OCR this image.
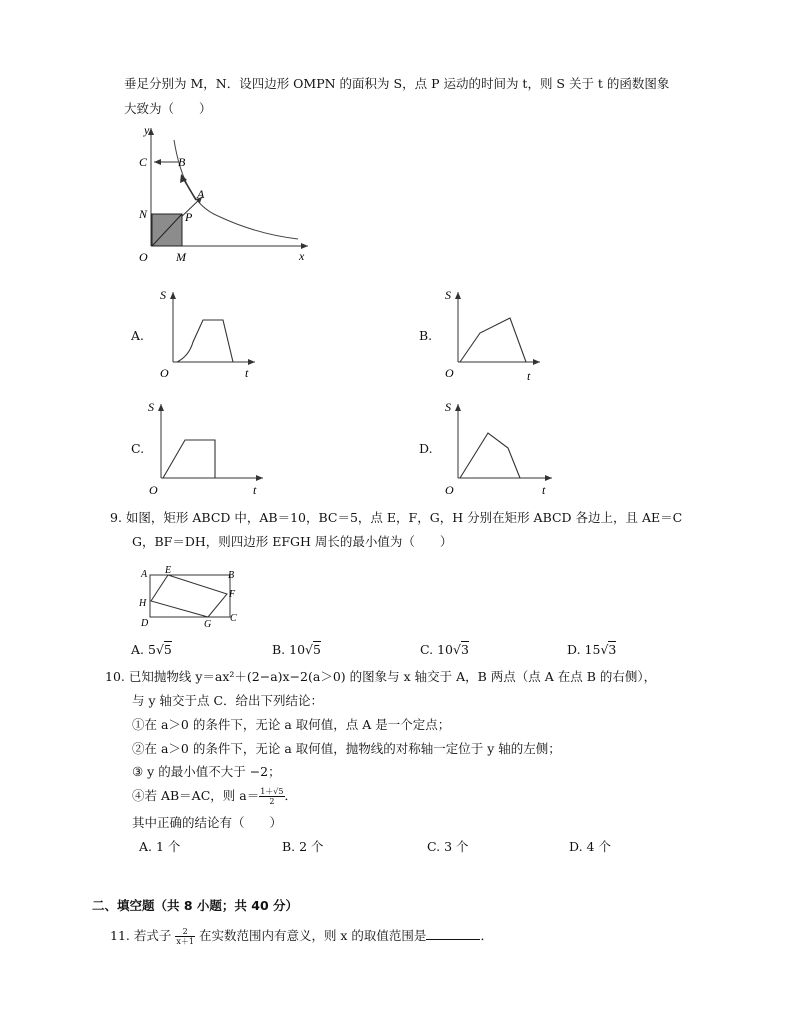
垂足分别为 M，N．设四边形 OMPN 的面积为 S，点 P 运动的时间为 t，则 S 关于 t 的函数图象
大致为（　　）
y
C	B
A
N	P
O M	x
A.
S
O	t
B.
S
O	t
C.
S
O	t
D.
S
O	t
9. 如图，矩形 ABCD 中，AB＝10，BC＝5，点 E，F，G，H 分别在矩形 ABCD 各边上，且 AE＝C
G，BF＝DH，则四边形 EFGH 周长的最小值为（　　）
A E	B
F
H
D	G
C
A. 5√5	B. 10√5	C. 10√3	D. 15√3
10. 已知抛物线 y＝ax²＋(2−a)x−2(a＞0) 的图象与 x 轴交于 A，B 两点（点 A 在点 B 的右侧），
与 y 轴交于点 C．给出下列结论：
①在 a＞0 的条件下，无论 a 取何值，点 A 是一个定点；
②在 a＞0 的条件下，无论 a 取何值，抛物线的对称轴一定位于 y 轴的左侧；
③ y 的最小值不大于 −2；
④若 AB＝AC，则 $a= \frac{1+√5}{2}$ ．
其中正确的结论有（　　）
A. 1 个	B. 2 个	C. 3 个	D. 4 个
二、填空题（共 8 小题；共 40 分）
11. 若式子 $\frac{2}{x+1}$ 在实数范围内有意义，则 x 的取值范围是	．
